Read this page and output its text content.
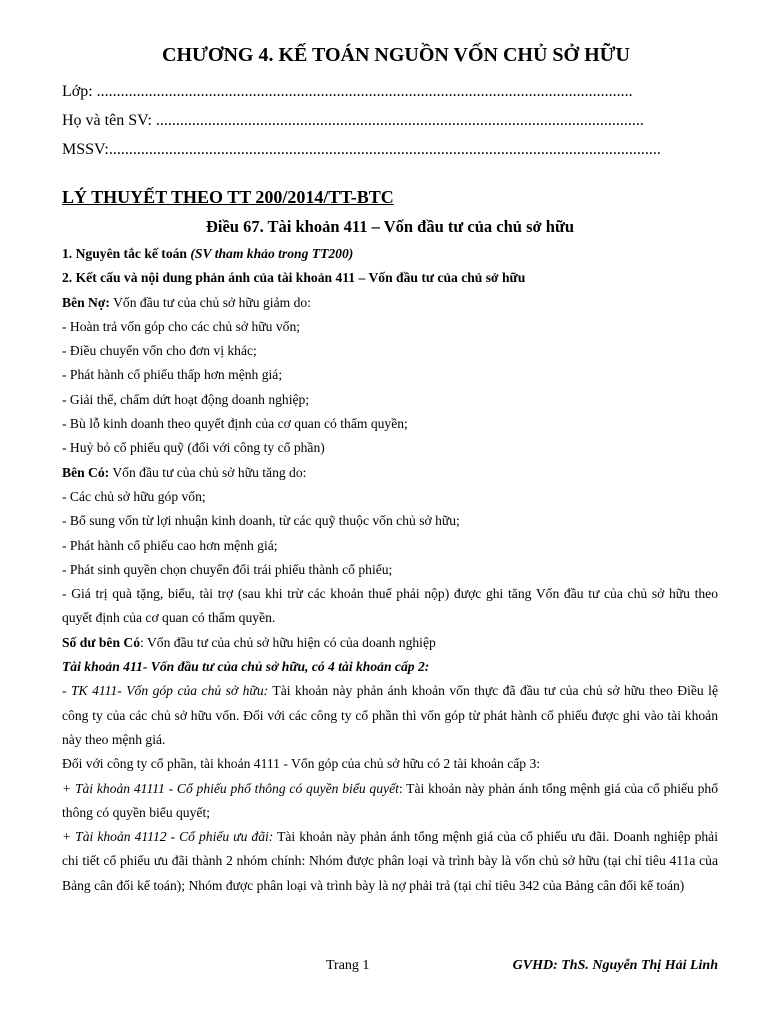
CHƯƠNG 4. KẾ TOÁN NGUỒN VỐN CHỦ SỞ HỮU
Lớp: ......................................................................................................................................
Họ và tên SV: ..........................................................................................................................
MSSV:..........................................................................................................................................
LÝ THUYẾT THEO TT 200/2014/TT-BTC
Điều 67. Tài khoản 411 – Vốn đầu tư của chủ sở hữu

1. Nguyên tắc kế toán (SV tham khảo trong TT200)

2. Kết cấu và nội dung phản ánh của tài khoản 411 – Vốn đầu tư của chủ sở hữu

Bên Nợ: Vốn đầu tư của chủ sở hữu giảm do:

- Hoàn trả vốn góp cho các chủ sở hữu vốn;

- Điều chuyển vốn cho đơn vị khác;

- Phát hành cổ phiếu thấp hơn mệnh giá;

- Giải thể, chấm dứt hoạt động doanh nghiệp;

- Bù lỗ kinh doanh theo quyết định của cơ quan có thẩm quyền;

- Huỷ bỏ cổ phiếu quỹ (đối với công ty cổ phần)

Bên Có: Vốn đầu tư của chủ sở hữu tăng do:

- Các chủ sở hữu góp vốn;

- Bổ sung vốn từ lợi nhuận kinh doanh, từ các quỹ thuộc vốn chủ sở hữu;

- Phát hành cổ phiếu cao hơn mệnh giá;

- Phát sinh quyền chọn chuyển đổi trái phiếu thành cổ phiếu;

- Giá trị quà tặng, biếu, tài trợ (sau khi trừ các khoản thuế phải nộp) được ghi tăng Vốn đầu tư của chủ sở hữu theo quyết định của cơ quan có thẩm quyền.

Số dư bên Có: Vốn đầu tư của chủ sở hữu hiện có của doanh nghiệp

Tài khoản 411- Vốn đầu tư của chủ sở hữu, có 4 tài khoản cấp 2:

- TK 4111- Vốn góp của chủ sở hữu: Tài khoản này phản ánh khoản vốn thực đã đầu tư của chủ sở hữu theo Điều lệ công ty của các chủ sở hữu vốn. Đối với các công ty cổ phần thì vốn góp từ phát hành cổ phiếu được ghi vào tài khoản này theo mệnh giá.

Đối với công ty cổ phần, tài khoản 4111 - Vốn góp của chủ sở hữu có 2 tài khoản cấp 3:

+ Tài khoản 41111 - Cổ phiếu phổ thông có quyền biểu quyết: Tài khoản này phản ánh tổng mệnh giá của cổ phiếu phổ thông có quyền biểu quyết;

+ Tài khoản 41112 - Cổ phiếu ưu đãi: Tài khoản này phản ánh tổng mệnh giá của cổ phiếu ưu đãi. Doanh nghiệp phải chi tiết cổ phiếu ưu đãi thành 2 nhóm chính: Nhóm được phân loại và trình bày là vốn chủ sở hữu (tại chỉ tiêu 411a của Bảng cân đối kế toán); Nhóm được phân loại và trình bày là nợ phải trả (tại chỉ tiêu 342 của Bảng cân đối kế toán)

Trang 1	GVHD: ThS. Nguyễn Thị Hải Linh
